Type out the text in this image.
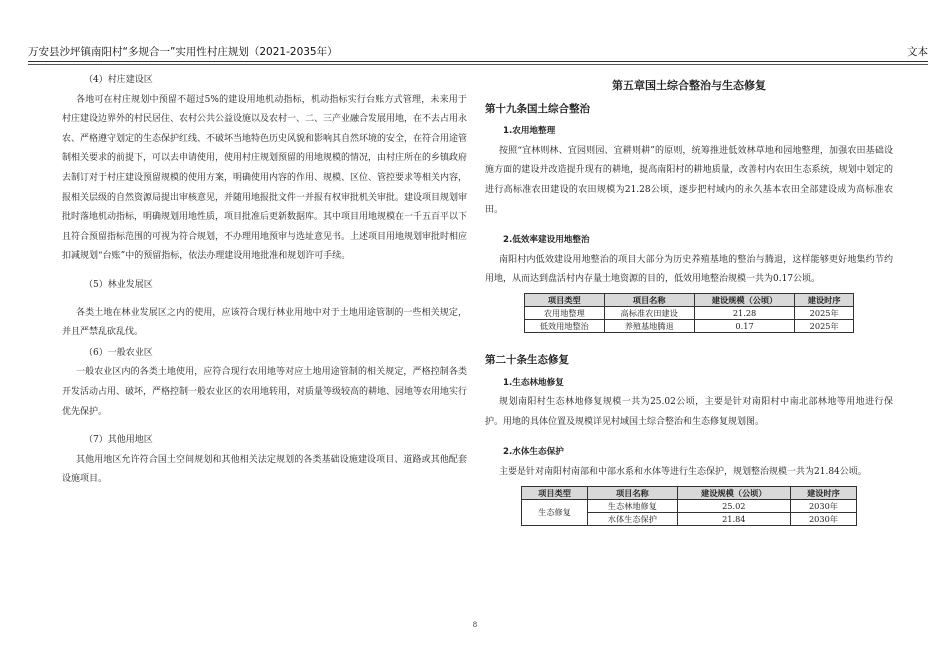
万安县沙坪镇南阳村“多规合一”实用性村庄规划（2021-2035年）	文本

（4）村庄建设区

各地可在村庄规划中预留不超过5%的建设用地机动指标，机动指标实行台账方式管理，未来用于村庄建设边界外的村民居住、农村公共公益设施以及农村一、二、三产业融合发展用地，在不去占用永农、严格遵守划定的生态保护红线、不破坏当地特色历史风貌和影响其自然环境的安全，在符合用途管制相关要求的前提下，可以去申请使用，使用村庄规划预留的用地规模的情况，由村庄所在的乡镇政府去制订对于村庄建设预留规模的使用方案，明确使用内容的作用、规模、区位、管控要求等相关内容，报相关层级的自然资源局提出审核意见，并随用地报批文件一并报有权审批机关审批。建设项目规划审批时落地机动指标，明确规划用地性质，项目批准后更新数据库。其中项目用地规模在一千五百平以下且符合预留指标范围的可视为符合规划，不办理用地预审与选址意见书。上述项目用地规划审批时相应扣减规划“台账”中的预留指标，依法办理建设用地批准和规划许可手续。

（5）林业发展区

各类土地在林业发展区之内的使用，应该符合现行林业用地中对于土地用途管制的一些相关规定，并且严禁乱砍乱伐。

（6）一般农业区

一般农业区内的各类土地使用，应符合现行农用地等对应土地用途管制的相关规定，严格控制各类开发活动占用、破坏，严格控制一般农业区的农用地转用，对质量等级较高的耕地、园地等农用地实行优先保护。

（7）其他用地区

其他用地区允许符合国土空间规划和其他相关法定规划的各类基础设施建设项目、道路或其他配套设施项目。

第五章国土综合整治与生态修复

第十九条国土综合整治

1.农用地整理

按照“宜林则林、宜园则园、宜耕则耕”的原则，统筹推进低效林草地和园地整理，加强农田基础设施方面的建设并改造提升现有的耕地，提高南阳村的耕地质量，改善村内农田生态系统，规划中划定的进行高标准农田建设的农田规模为21.28公顷，逐步把村域内的永久基本农田全部建设成为高标准农田。

2.低效率建设用地整治

南阳村内低效建设用地整治的项目大部分为历史养殖基地的整治与腾退，这样能够更好地集约节约用地，从而达到盘活村内存量土地资源的目的，低效用地整治规模一共为0.17公顷。

项目类型	项目名称	建设规模（公顷）	建设时序
农用地整理	高标准农田建设	21.28	2025年
低效用地整治	养殖基地腾退	0.17	2025年

第二十条生态修复

1.生态林地修复

规划南阳村生态林地修复规模一共为25.02公顷，主要是针对南阳村中南北部林地等用地进行保护。用地的具体位置及规模详见村域国土综合整治和生态修复规划图。

2.水体生态保护

主要是针对南阳村南部和中部水系和水体等进行生态保护，规划整治规模一共为21.84公顷。

项目类型	项目名称	建设规模（公顷）	建设时序
生态修复	生态林地修复	25.02	2030年
	水体生态保护	21.84	2030年
8
